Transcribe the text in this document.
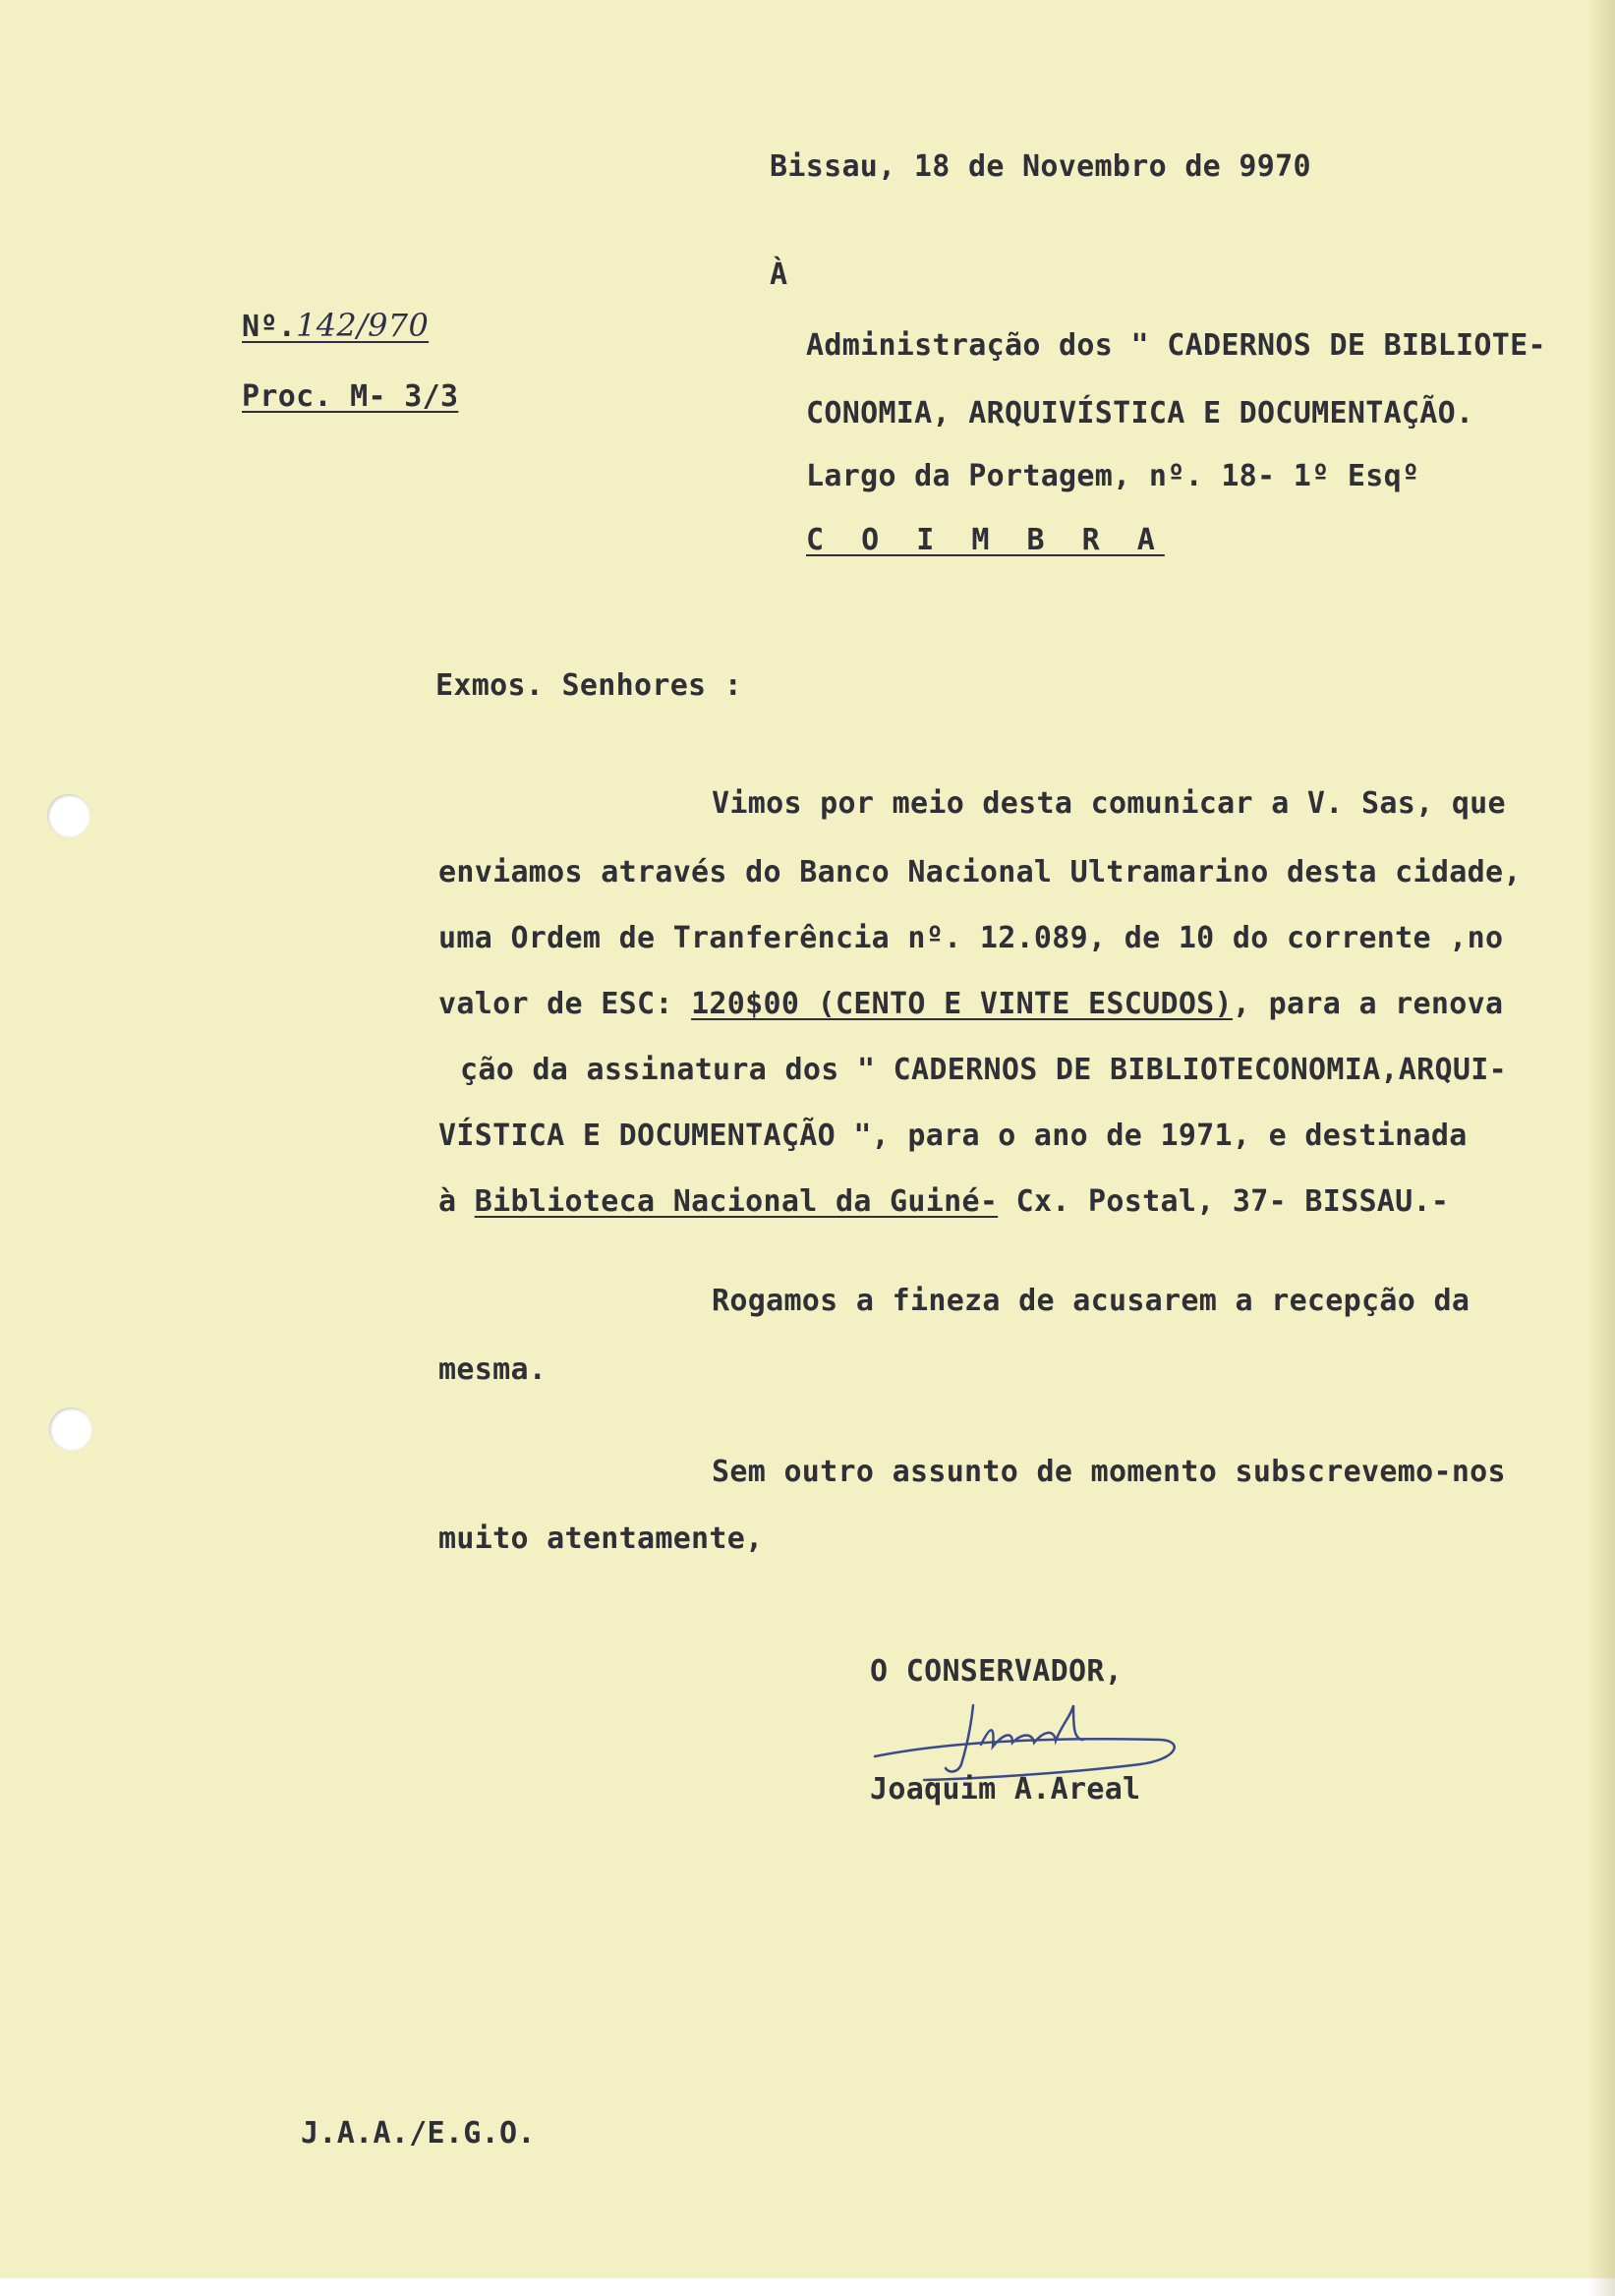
Bissau, 18 de Novembro de 9970
À
Nº.142/970
Proc. M- 3/3
Administração dos " CADERNOS DE BIBLIOTE-
CONOMIA, ARQUIVÍSTICA E DOCUMENTAÇÃO.
Largo da Portagem, nº. 18- 1º Esqº
C O I M B R A
Exmos. Senhores :
Vimos por meio desta comunicar a V. Sas, que
enviamos através do Banco Nacional Ultramarino desta cidade,
uma Ordem de Tranferência nº. 12.089, de 10 do corrente ,no
valor de ESC: 120$00 (CENTO E VINTE ESCUDOS), para a renova
ção da assinatura dos " CADERNOS DE BIBLIOTECONOMIA,ARQUI-
VÍSTICA E DOCUMENTAÇÃO ", para o ano de 1971, e destinada
à Biblioteca Nacional da Guiné- Cx. Postal, 37- BISSAU.-
Rogamos a fineza de acusarem a recepção da
mesma.
Sem outro assunto de momento subscrevemo-nos
muito atentamente,
O CONSERVADOR,
Joaquim A.Areal
J.A.A./E.G.O.
